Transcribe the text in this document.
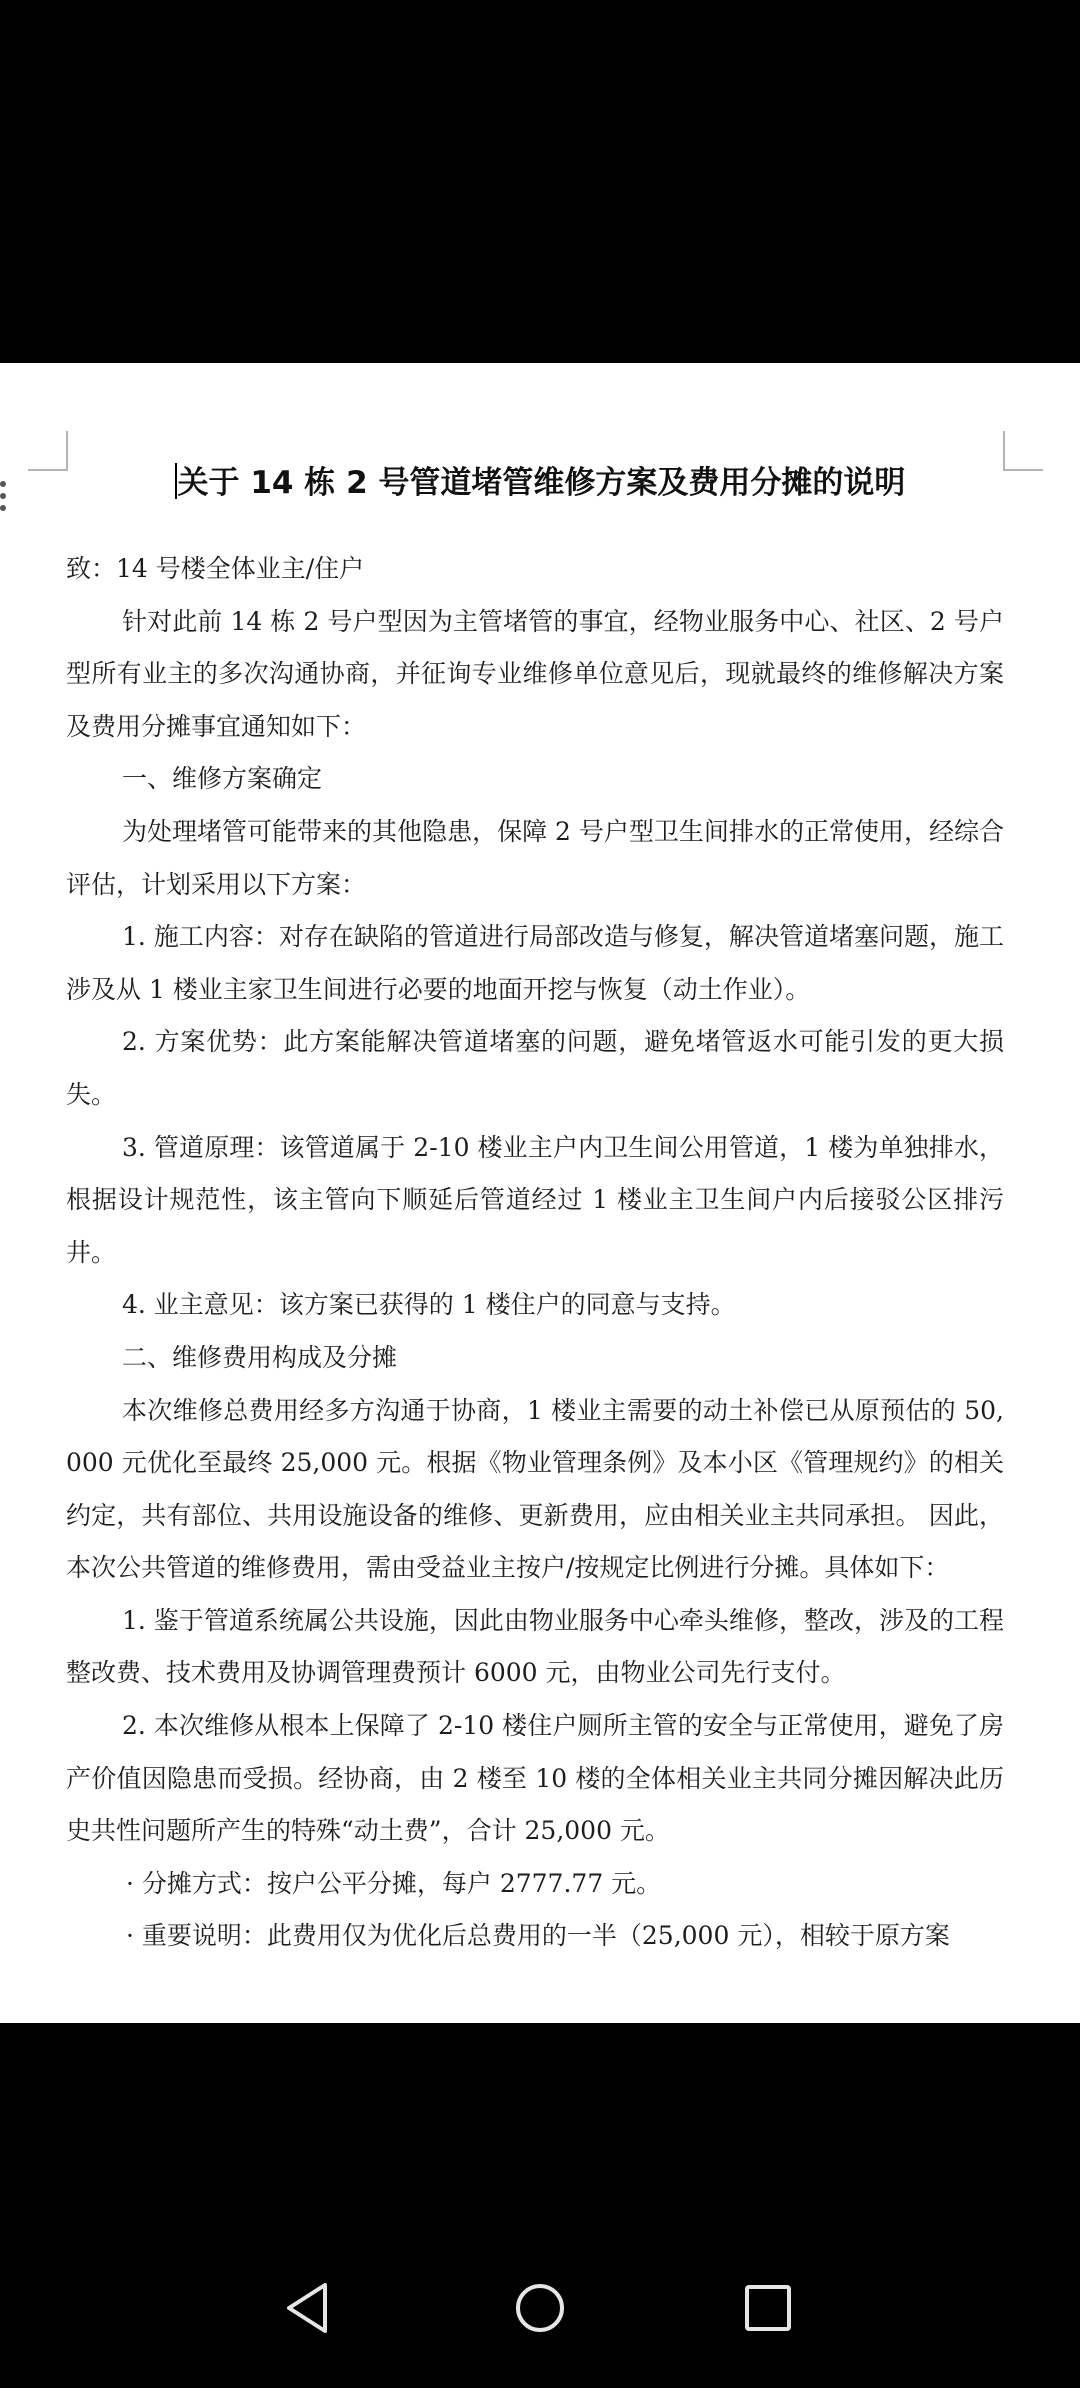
关于 14 栋 2 号管道堵管维修方案及费用分摊的说明

致：14 号楼全体业主/住户

针对此前 14 栋 2 号户型因为主管堵管的事宜，经物业服务中心、社区、2 号户型所有业主的多次沟通协商，并征询专业维修单位意见后，现就最终的维修解决方案及费用分摊事宜通知如下：

一、维修方案确定

为处理堵管可能带来的其他隐患，保障 2 号户型卫生间排水的正常使用，经综合评估，计划采用以下方案：

1. 施工内容：对存在缺陷的管道进行局部改造与修复，解决管道堵塞问题，施工涉及从 1 楼业主家卫生间进行必要的地面开挖与恢复（动土作业）。

2. 方案优势：此方案能解决管道堵塞的问题，避免堵管返水可能引发的更大损失。

3. 管道原理：该管道属于 2-10 楼业主户内卫生间公用管道，1 楼为单独排水，根据设计规范性，该主管向下顺延后管道经过 1 楼业主卫生间户内后接驳公区排污井。

4. 业主意见：该方案已获得的 1 楼住户的同意与支持。

二、维修费用构成及分摊

本次维修总费用经多方沟通于协商，1 楼业主需要的动土补偿已从原预估的 50,000 元优化至最终 25,000 元。根据《物业管理条例》及本小区《管理规约》的相关约定，共有部位、共用设施设备的维修、更新费用，应由相关业主共同承担。 因此，本次公共管道的维修费用，需由受益业主按户/按规定比例进行分摊。具体如下：

1. 鉴于管道系统属公共设施，因此由物业服务中心牵头维修，整改，涉及的工程整改费、技术费用及协调管理费预计 6000 元，由物业公司先行支付。

2. 本次维修从根本上保障了 2-10 楼住户厕所主管的安全与正常使用，避免了房产价值因隐患而受损。经协商，由 2 楼至 10 楼的全体相关业主共同分摊因解决此历史共性问题所产生的特殊“动土费”，合计 25,000 元。

· 分摊方式：按户公平分摊，每户 2777.77 元。

· 重要说明：此费用仅为优化后总费用的一半（25,000 元），相较于原方案
